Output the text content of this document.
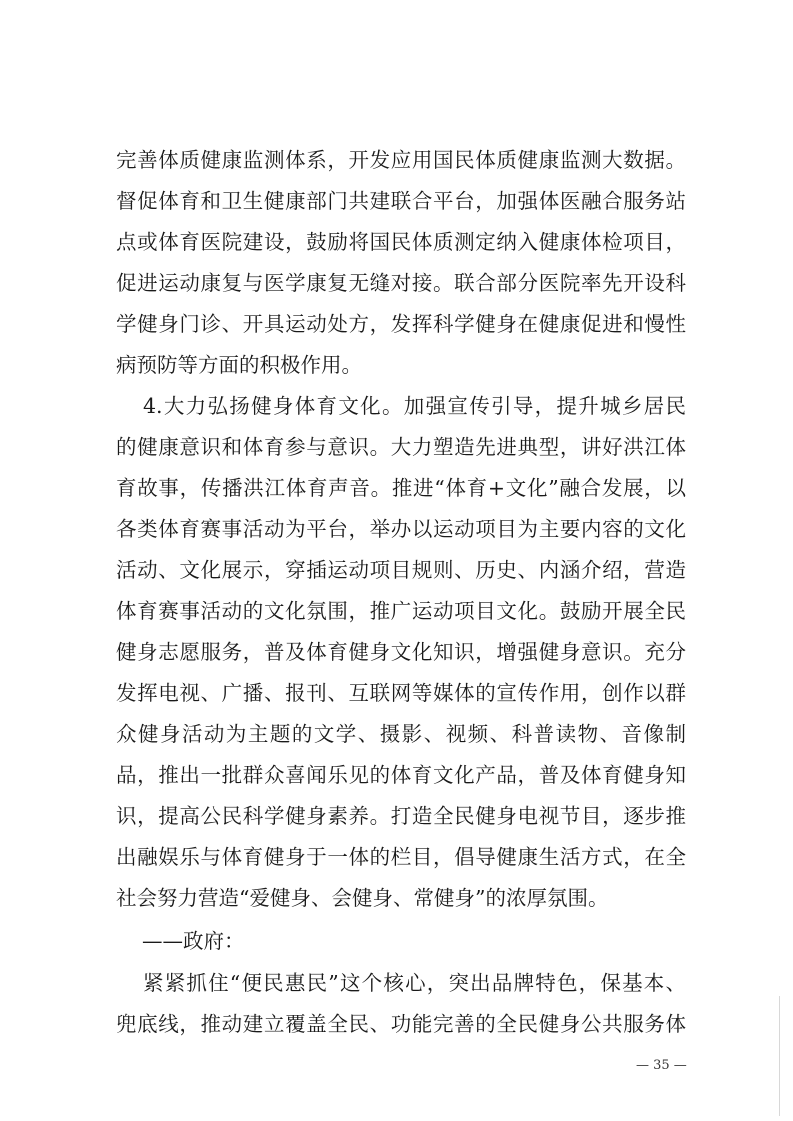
完善体质健康监测体系，开发应用国民体质健康监测大数据。
督促体育和卫生健康部门共建联合平台，加强体医融合服务站
点或体育医院建设，鼓励将国民体质测定纳入健康体检项目，
促进运动康复与医学康复无缝对接。联合部分医院率先开设科
学健身门诊、开具运动处方，发挥科学健身在健康促进和慢性
病预防等方面的积极作用。
4.大力弘扬健身体育文化。加强宣传引导，提升城乡居民
的健康意识和体育参与意识。大力塑造先进典型，讲好洪江体
育故事，传播洪江体育声音。推进“体育+文化”融合发展，以
各类体育赛事活动为平台，举办以运动项目为主要内容的文化
活动、文化展示，穿插运动项目规则、历史、内涵介绍，营造
体育赛事活动的文化氛围，推广运动项目文化。鼓励开展全民
健身志愿服务，普及体育健身文化知识，增强健身意识。充分
发挥电视、广播、报刊、互联网等媒体的宣传作用，创作以群
众健身活动为主题的文学、摄影、视频、科普读物、音像制
品，推出一批群众喜闻乐见的体育文化产品，普及体育健身知
识，提高公民科学健身素养。打造全民健身电视节目，逐步推
出融娱乐与体育健身于一体的栏目，倡导健康生活方式，在全
社会努力营造“爱健身、会健身、常健身”的浓厚氛围。
——政府：
紧紧抓住“便民惠民”这个核心，突出品牌特色，保基本、
兜底线，推动建立覆盖全民、功能完善的全民健身公共服务体
— 35 —
